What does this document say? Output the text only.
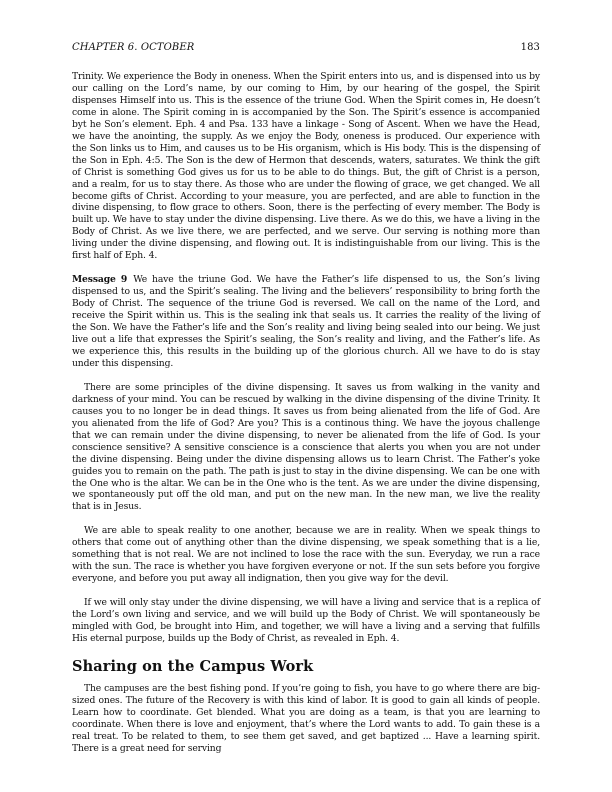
CHAPTER 6. OCTOBER	183

Trinity. We experience the Body in oneness. When the Spirit enters into us, and is dispensed into us by our calling on the Lord’s name, by our coming to Him, by our hearing of the gospel, the Spirit dispenses Himself into us. This is the essence of the triune God. When the Spirit comes in, He doesn’t come in alone. The Spirit coming in is accompanied by the Son. The Spirit’s essence is accompanied byt he Son’s element. Eph. 4 and Psa. 133 have a linkage - Song of Ascent. When we have the Head, we have the anointing, the supply. As we enjoy the Body, oneness is produced. Our experience with the Son links us to Him, and causes us to be His organism, which is His body. This is the dispensing of the Son in Eph. 4:5. The Son is the dew of Hermon that descends, waters, saturates. We think the gift of Christ is something God gives us for us to be able to do things. But, the gift of Christ is a person, and a realm, for us to stay there. As those who are under the flowing of grace, we get changed. We all become gifts of Christ. According to your measure, you are perfected, and are able to function in the divine dispensing, to flow grace to others. Soon, there is the perfecting of every member. The Body is built up. We have to stay under the divine dispensing. Live there. As we do this, we have a living in the Body of Christ. As we live there, we are perfected, and we serve. Our serving is nothing more than living under the divine dispensing, and flowing out. It is indistinguishable from our living. This is the first half of Eph. 4.

Message 9 We have the triune God. We have the Father’s life dispensed to us, the Son’s living dispensed to us, and the Spirit’s sealing. The living and the believers’ responsibility to bring forth the Body of Christ. The sequence of the triune God is reversed. We call on the name of the Lord, and receive the Spirit within us. This is the sealing ink that seals us. It carries the reality of the living of the Son. We have the Father’s life and the Son’s reality and living being sealed into our being. We just live out a life that expresses the Spirit’s sealing, the Son’s reality and living, and the Father’s life. As we experience this, this results in the building up of the glorious church. All we have to do is stay under this dispensing.

There are some principles of the divine dispensing. It saves us from walking in the vanity and darkness of your mind. You can be rescued by walking in the divine dispensing of the divine Trinity. It causes you to no longer be in dead things. It saves us from being alienated from the life of God. Are you alienated from the life of God? Are you? This is a continous thing. We have the joyous challenge that we can remain under the divine dispensing, to never be alienated from the life of God. Is your conscience sensitive? A sensitive conscience is a conscience that alerts you when you are not under the divine dispensing. Being under the divine dispensing allows us to learn Christ. The Father’s yoke guides you to remain on the path. The path is just to stay in the divine dispensing. We can be one with the One who is the altar. We can be in the One who is the tent. As we are under the divine dispensing, we spontaneously put off the old man, and put on the new man. In the new man, we live the reality that is in Jesus.

We are able to speak reality to one another, because we are in reality. When we speak things to others that come out of anything other than the divine dispensing, we speak something that is a lie, something that is not real. We are not inclined to lose the race with the sun. Everyday, we run a race with the sun. The race is whether you have forgiven everyone or not. If the sun sets before you forgive everyone, and before you put away all indignation, then you give way for the devil.

If we will only stay under the divine dispensing, we will have a living and service that is a replica of the Lord’s own living and service, and we will build up the Body of Christ. We will spontaneously be mingled with God, be brought into Him, and together, we will have a living and a serving that fulfills His eternal purpose, builds up the Body of Christ, as revealed in Eph. 4.

Sharing on the Campus Work

The campuses are the best fishing pond. If you’re going to fish, you have to go where there are big-sized ones. The future of the Recovery is with this kind of labor. It is good to gain all kinds of people. Learn how to coordinate. Get blended. What you are doing as a team, is that you are learning to coordinate. When there is love and enjoyment, that’s where the Lord wants to add. To gain these is a real treat. To be related to them, to see them get saved, and get baptized ... Have a learning spirit. There is a great need for serving
